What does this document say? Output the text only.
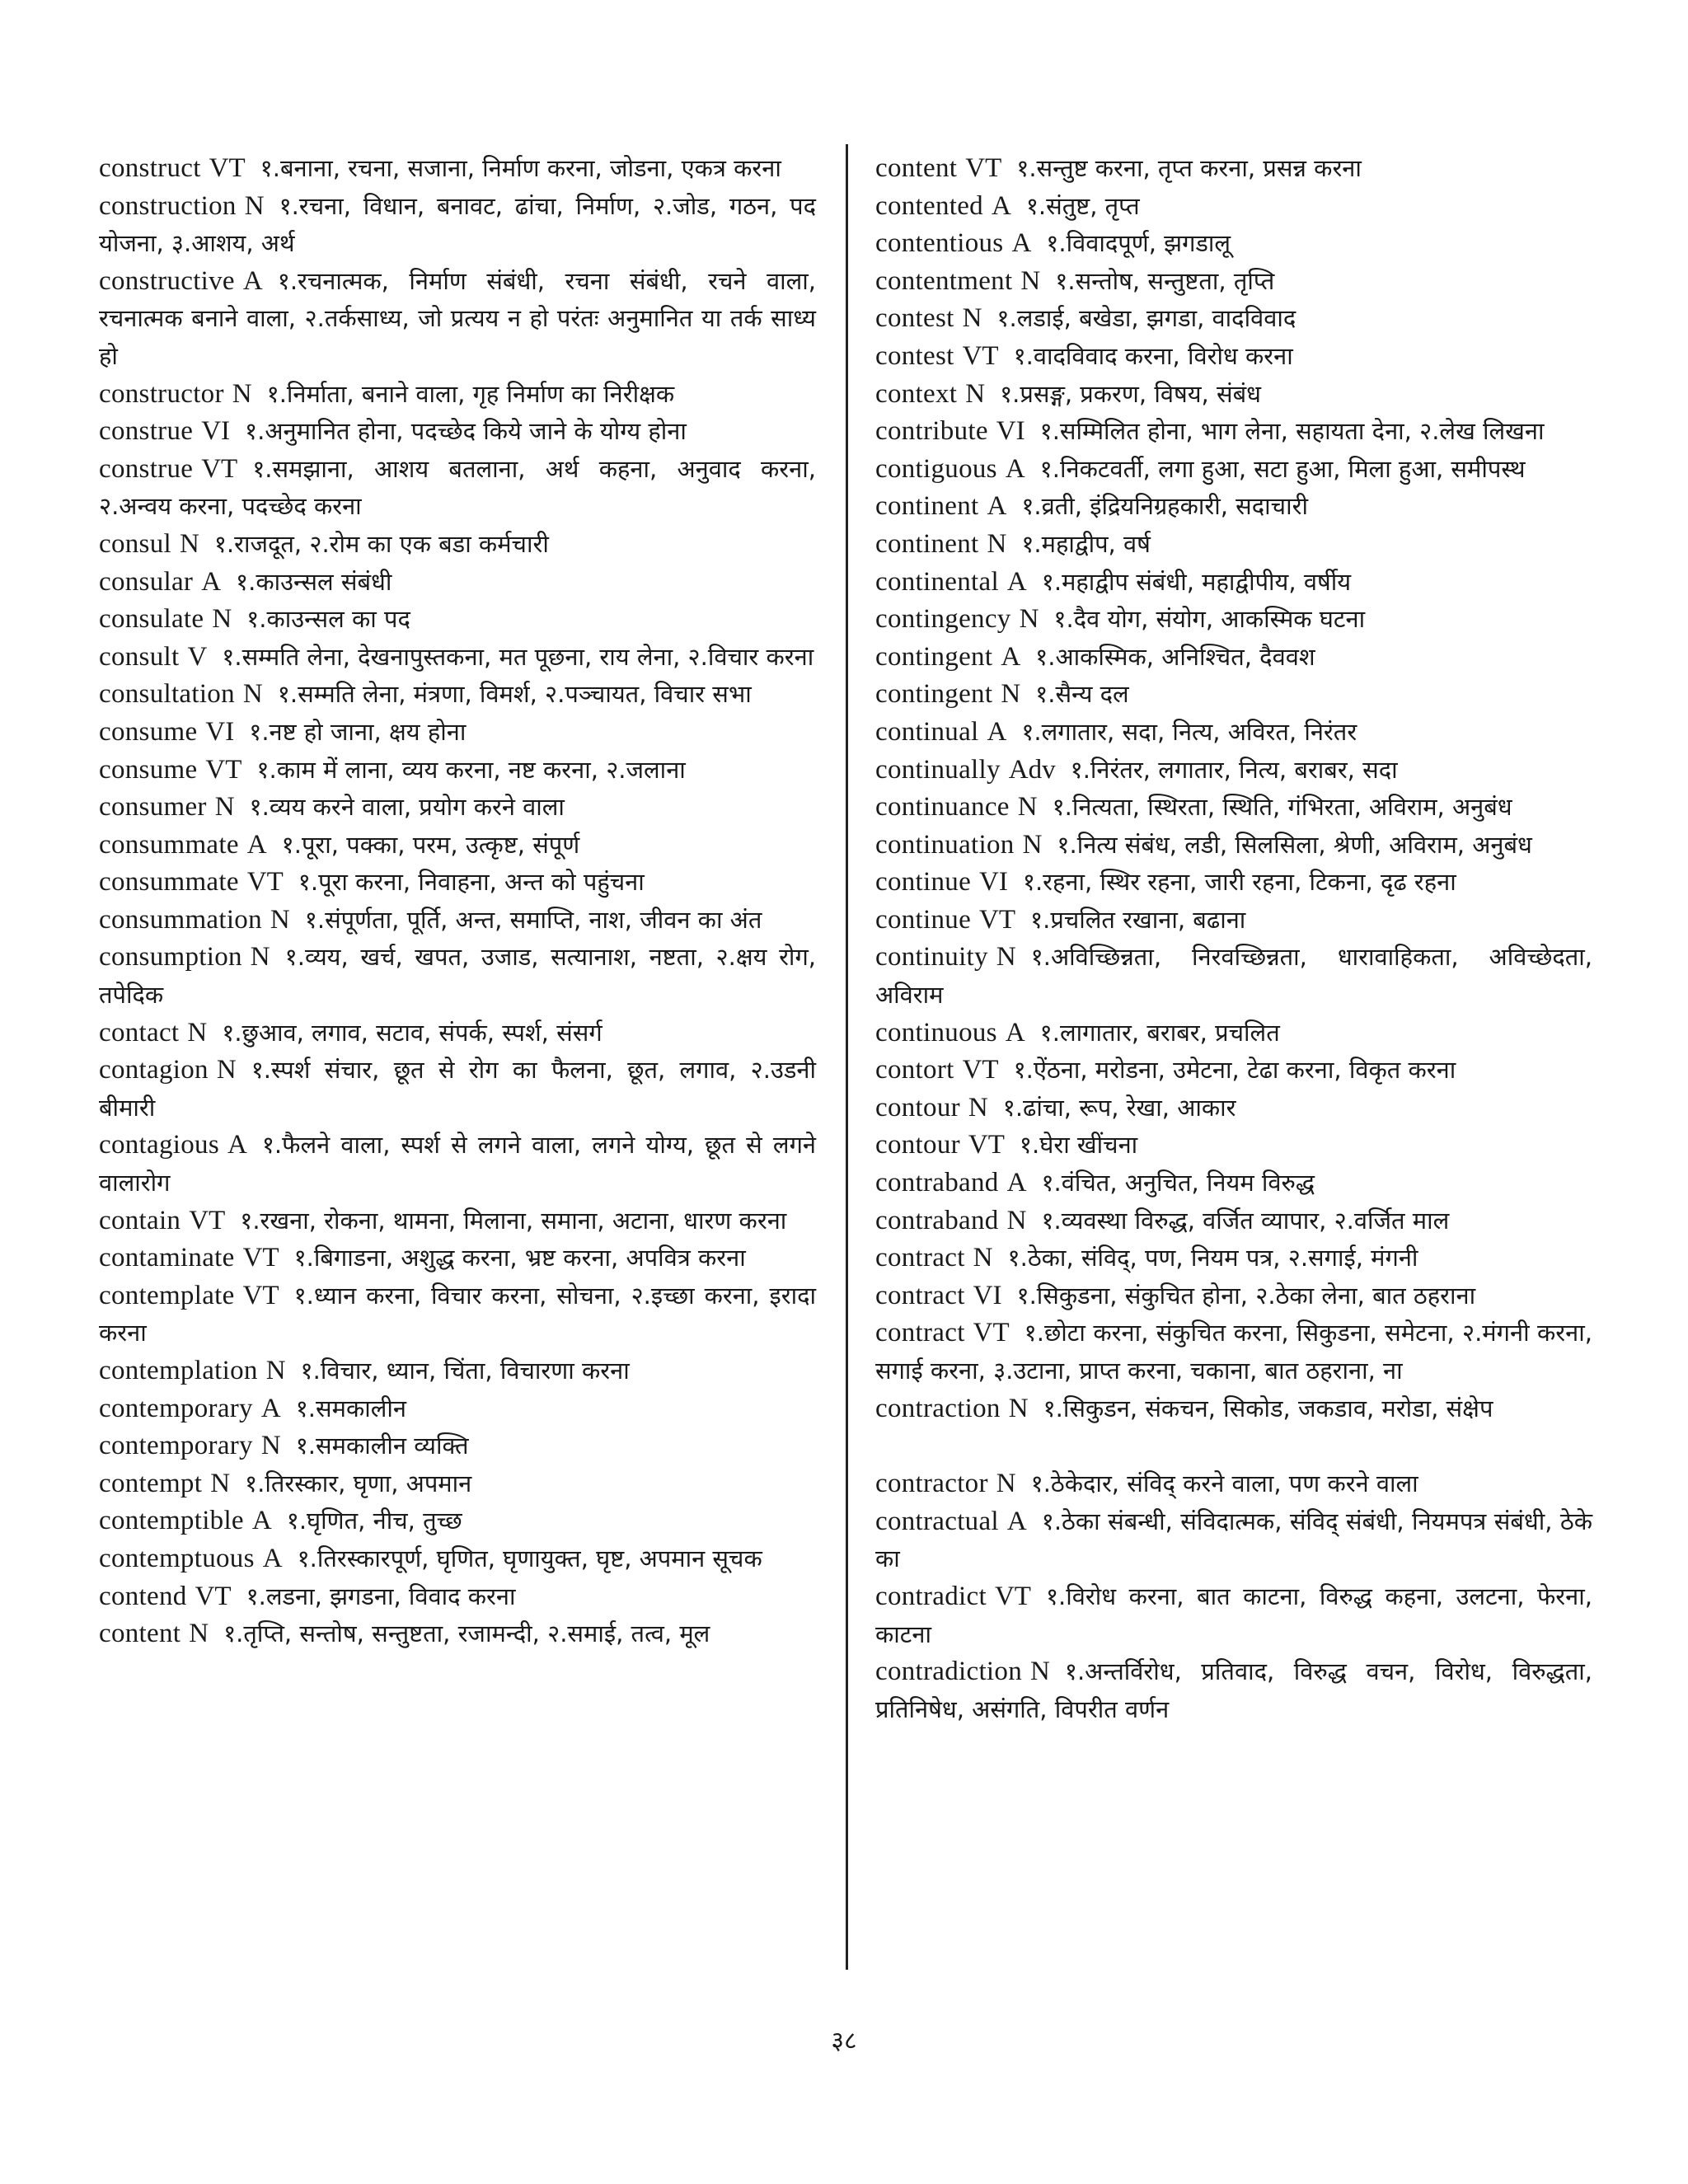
construct VT १.बनाना, रचना, सजाना, निर्माण करना, जोडना, एकत्र करना

construction N १.रचना, विधान, बनावट, ढांचा, निर्माण, २.जोड, गठन, पद योजना, ३.आशय, अर्थ

constructive A १.रचनात्मक, निर्माण संबंधी, रचना संबंधी, रचने वाला, रचनात्मक बनाने वाला, २.तर्कसाध्य, जो प्रत्यय न हो परंतः अनुमानित या तर्क साध्य हो

constructor N १.निर्माता, बनाने वाला, गृह निर्माण का निरीक्षक

construe VI १.अनुमानित होना, पदच्छेद किये जाने के योग्य होना

construe VT १.समझाना, आशय बतलाना, अर्थ कहना, अनुवाद करना, २.अन्वय करना, पदच्छेद करना

consul N १.राजदूत, २.रोम का एक बडा कर्मचारी

consular A १.काउन्सल संबंधी

consulate N १.काउन्सल का पद

consult V १.सम्मति लेना, देखनापुस्तकना, मत पूछना, राय लेना, २.विचार करना

consultation N १.सम्मति लेना, मंत्रणा, विमर्श, २.पञ्चायत, विचार सभा

consume VI १.नष्ट हो जाना, क्षय होना

consume VT १.काम में लाना, व्यय करना, नष्ट करना, २.जलाना

consumer N १.व्यय करने वाला, प्रयोग करने वाला

consummate A १.पूरा, पक्का, परम, उत्कृष्ट, संपूर्ण

consummate VT १.पूरा करना, निवाहना, अन्त को पहुंचना

consummation N १.संपूर्णता, पूर्ति, अन्त, समाप्ति, नाश, जीवन का अंत

consumption N १.व्यय, खर्च, खपत, उजाड, सत्यानाश, नष्टता, २.क्षय रोग, तपेदिक

contact N १.छुआव, लगाव, सटाव, संपर्क, स्पर्श, संसर्ग

contagion N १.स्पर्श संचार, छूत से रोग का फैलना, छूत, लगाव, २.उडनी बीमारी

contagious A १.फैलने वाला, स्पर्श से लगने वाला, लगने योग्य, छूत से लगने वालारोग

contain VT १.रखना, रोकना, थामना, मिलाना, समाना, अटाना, धारण करना

contaminate VT १.बिगाडना, अशुद्ध करना, भ्रष्ट करना, अपवित्र करना

contemplate VT १.ध्यान करना, विचार करना, सोचना, २.इच्छा करना, इरादा करना

contemplation N १.विचार, ध्यान, चिंता, विचारणा करना

contemporary A १.समकालीन

contemporary N १.समकालीन व्यक्ति

contempt N १.तिरस्कार, घृणा, अपमान

contemptible A १.घृणित, नीच, तुच्छ

contemptuous A १.तिरस्कारपूर्ण, घृणित, घृणायुक्त, घृष्ट, अपमान सूचक

contend VT १.लडना, झगडना, विवाद करना

content N १.तृप्ति, सन्तोष, सन्तुष्टता, रजामन्दी, २.समाई, तत्व, मूल

content VT १.सन्तुष्ट करना, तृप्त करना, प्रसन्न करना

contented A १.संतुष्ट, तृप्त

contentious A १.विवादपूर्ण, झगडालू

contentment N १.सन्तोष, सन्तुष्टता, तृप्ति

contest N १.लडाई, बखेडा, झगडा, वादविवाद

contest VT १.वादविवाद करना, विरोध करना

context N १.प्रसङ्ग, प्रकरण, विषय, संबंध

contribute VI १.सम्मिलित होना, भाग लेना, सहायता देना, २.लेख लिखना

contiguous A १.निकटवर्ती, लगा हुआ, सटा हुआ, मिला हुआ, समीपस्थ

continent A १.व्रती, इंद्रियनिग्रहकारी, सदाचारी

continent N १.महाद्वीप, वर्ष

continental A १.महाद्वीप संबंधी, महाद्वीपीय, वर्षीय

contingency N १.दैव योग, संयोग, आकस्मिक घटना

contingent A १.आकस्मिक, अनिश्चित, दैववश

contingent N १.सैन्य दल

continual A १.लगातार, सदा, नित्य, अविरत, निरंतर

continually Adv १.निरंतर, लगातार, नित्य, बराबर, सदा

continuance N १.नित्यता, स्थिरता, स्थिति, गंभिरता, अविराम, अनुबंध

continuation N १.नित्य संबंध, लडी, सिलसिला, श्रेणी, अविराम, अनुबंध

continue VI १.रहना, स्थिर रहना, जारी रहना, टिकना, दृढ रहना

continue VT १.प्रचलित रखाना, बढाना

continuity N १.अविच्छिन्नता, निरवच्छिन्नता, धारावाहिकता, अविच्छेदता, अविराम

continuous A १.लागातार, बराबर, प्रचलित

contort VT १.ऐंठना, मरोडना, उमेटना, टेढा करना, विकृत करना

contour N १.ढांचा, रूप, रेखा, आकार

contour VT १.घेरा खींचना

contraband A १.वंचित, अनुचित, नियम विरुद्ध

contraband N १.व्यवस्था विरुद्ध, वर्जित व्यापार, २.वर्जित माल

contract N १.ठेका, संविद्, पण, नियम पत्र, २.सगाई, मंगनी

contract VI १.सिकुडना, संकुचित होना, २.ठेका लेना, बात ठहराना

contract VT १.छोटा करना, संकुचित करना, सिकुडना, समेटना, २.मंगनी करना, सगाई करना, ३.उटाना, प्राप्त करना, चकाना, बात ठहराना, ना

contraction N १.सिकुडन, संकचन, सिकोड, जकडाव, मरोडा, संक्षेप

contractor N १.ठेकेदार, संविद् करने वाला, पण करने वाला

contractual A १.ठेका संबन्धी, संविदात्मक, संविद् संबंधी, नियमपत्र संबंधी, ठेके का

contradict VT १.विरोध करना, बात काटना, विरुद्ध कहना, उलटना, फेरना, काटना

contradiction N १.अन्तर्विरोध, प्रतिवाद, विरुद्ध वचन, विरोध, विरुद्धता, प्रतिनिषेध, असंगति, विपरीत वर्णन

३८
